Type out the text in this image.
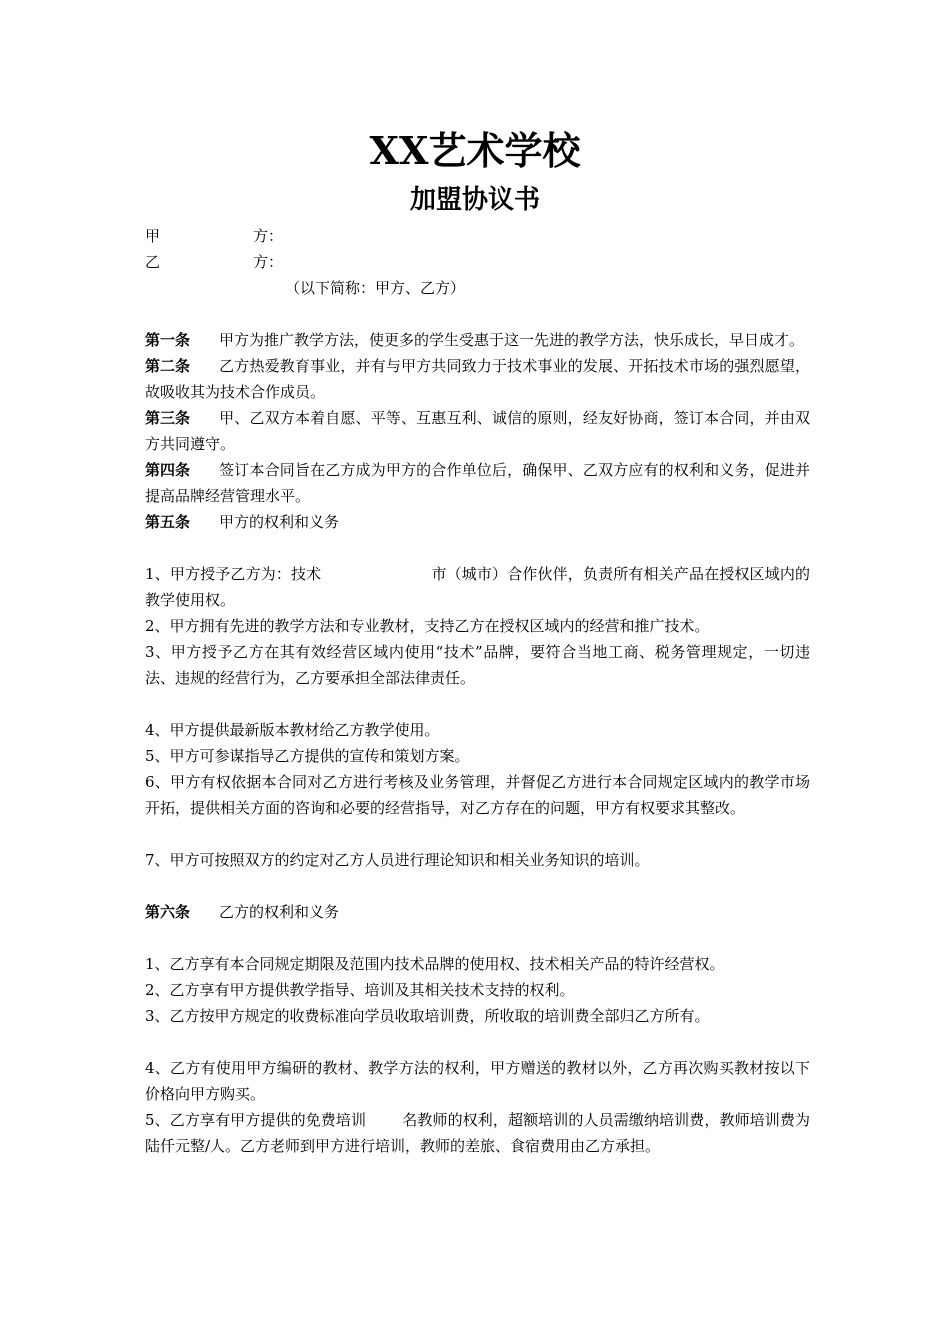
XX艺术学校
加盟协议书

甲	方：

乙	方：

（以下简称：甲方、乙方）

第一条 甲方为推广教学方法，使更多的学生受惠于这一先进的教学方法，快乐成长，早日成才。

第二条 乙方热爱教育事业，并有与甲方共同致力于技术事业的发展、开拓技术市场的强烈愿望，故吸收其为技术合作成员。

第三条 甲、乙双方本着自愿、平等、互惠互利、诚信的原则，经友好协商，签订本合同，并由双方共同遵守。

第四条 签订本合同旨在乙方成为甲方的合作单位后，确保甲、乙双方应有的权利和义务，促进并提高品牌经营管理水平。

第五条 甲方的权利和义务

1、甲方授予乙方为：技术	市（城市）合作伙伴，负责所有相关产品在授权区域内的教学使用权。

2、甲方拥有先进的教学方法和专业教材，支持乙方在授权区域内的经营和推广技术。

3、甲方授予乙方在其有效经营区域内使用“技术”品牌，要符合当地工商、税务管理规定，一切违法、违规的经营行为，乙方要承担全部法律责任。

4、甲方提供最新版本教材给乙方教学使用。

5、甲方可参谋指导乙方提供的宣传和策划方案。

6、甲方有权依据本合同对乙方进行考核及业务管理，并督促乙方进行本合同规定区域内的教学市场开拓，提供相关方面的咨询和必要的经营指导，对乙方存在的问题，甲方有权要求其整改。

7、甲方可按照双方的约定对乙方人员进行理论知识和相关业务知识的培训。

第六条 乙方的权利和义务

1、乙方享有本合同规定期限及范围内技术品牌的使用权、技术相关产品的特许经营权。

2、乙方享有甲方提供教学指导、培训及其相关技术支持的权利。

3、乙方按甲方规定的收费标准向学员收取培训费，所收取的培训费全部归乙方所有。

4、乙方有使用甲方编研的教材、教学方法的权利，甲方赠送的教材以外，乙方再次购买教材按以下价格向甲方购买。

5、乙方享有甲方提供的免费培训 名教师的权利，超额培训的人员需缴纳培训费，教师培训费为陆仟元整/人。乙方老师到甲方进行培训，教师的差旅、食宿费用由乙方承担。
